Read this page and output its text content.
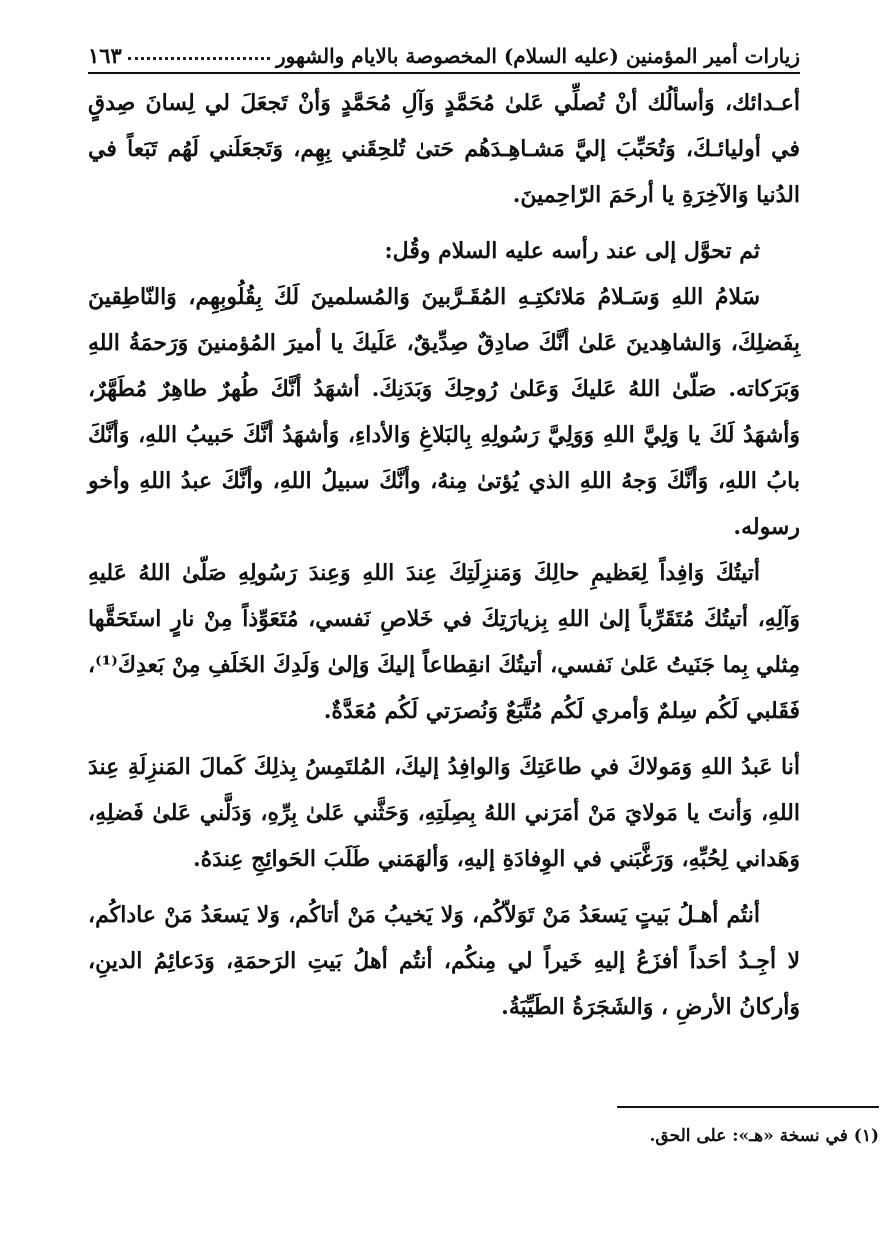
زيارات أمير المؤمنين (عليه السلام) المخصوصة بالايام والشهور
١٦٣

أعـدائك، وَأسألُك أنْ تُصلِّي عَلىٰ مُحَمَّدٍ وَآلِ مُحَمَّدٍ وَأنْ تَجعَلَ لي لِسانَ صِدقٍ في أوليائـكَ، وَتُحَبِّبَ إليَّ مَشـاهِـدَهُم حَتىٰ تُلحِقَني بِهِم، وَتَجعَلَني لَهُم تَبَعاً في الدُنيا وَالآخِرَةِ يا أرحَمَ الرّاحِمينَ.

ثم تحوَّل إلى عند رأسه عليه السلام وقُل:

سَلامُ اللهِ وَسَـلامُ مَلائكتِـهِ المُقَـرَّبينَ وَالمُسلمينَ لَكَ بِقُلُوبِهِم، وَالنّاطِقينَ بِفَضلِكَ، وَالشاهِدينَ عَلىٰ أنَّكَ صادِقٌ صِدِّيقٌ، عَلَيكَ يا أميرَ المُؤمنينَ وَرَحمَةُ اللهِ وَبَرَكاته. صَلّىٰ اللهُ عَليكَ وَعَلىٰ رُوحِكَ وَبَدَنِكَ. أشهَدُ أنَّكَ طُهرٌ طاهِرٌ مُطَهَّرٌ، وَأشهَدُ لَكَ يا وَلِيَّ اللهِ وَوَلِيَّ رَسُولِهِ بِالبَلاغِ وَالأداءِ، وَأشهَدُ أنَّكَ حَبيبُ اللهِ، وَأنَّكَ بابُ اللهِ، وَأنَّكَ وَجهُ اللهِ الذي يُؤتىٰ مِنهُ، وأنَّكَ سبيلُ اللهِ، وأنَّكَ عبدُ اللهِ وأخو رسوله.

أتيتُكَ وَافِداً لِعَظيمِ حالِكَ وَمَنزِلَتِكَ عِندَ اللهِ وَعِندَ رَسُولِهِ صَلّىٰ اللهُ عَليهِ وَآلِهِ، أتيتُكَ مُتَقَرِّباً إلىٰ اللهِ بِزيارَتِكَ في خَلاصِ نَفسي، مُتَعَوِّذاً مِنْ نارٍ استَحَقَّها مِثلي بِما جَنَيتُ عَلىٰ نَفسي، أتيتُكَ انقِطاعاً إليكَ وَإلىٰ وَلَدِكَ الخَلَفِ مِنْ بَعدِكَ⁽¹⁾، فَقَلبي لَكُم سِلمٌ وَأمري لَكُم مُتَّبَعٌ وَنُصرَتي لَكُم مُعَدَّةٌ.

أنا عَبدُ اللهِ وَمَولاكَ في طاعَتِكَ وَالوافِدُ إليكَ، المُلتَمِسُ بِذلِكَ كَمالَ المَنزِلَةِ عِندَ اللهِ، وَأنتَ يا مَولايَ مَنْ أمَرَني اللهُ بِصِلَتِهِ، وَحَثَّني عَلىٰ بِرِّهِ، وَدَلَّني عَلىٰ فَضلِهِ، وَهَداني لِحُبِّهِ، وَرَغَّبَني في الوِفادَةِ إليهِ، وَألهَمَني طَلَبَ الحَوائِجِ عِندَهُ.

أنتُم أهـلُ بَيتٍ يَسعَدُ مَنْ تَوَلاّكُم، وَلا يَخيبُ مَنْ أتاكُم، وَلا يَسعَدُ مَنْ عاداكُم، لا أجِـدُ أحَداً أفزَعُ إليهِ خَيراً لي مِنكُم، أنتُم أهلُ بَيتِ الرَحمَةِ، وَدَعائِمُ الدينِ، وَأركانُ الأرضِ ، وَالشَجَرَةُ الطَيِّبَةُ.

(١) في نسخة «هـ»: على الحق.
